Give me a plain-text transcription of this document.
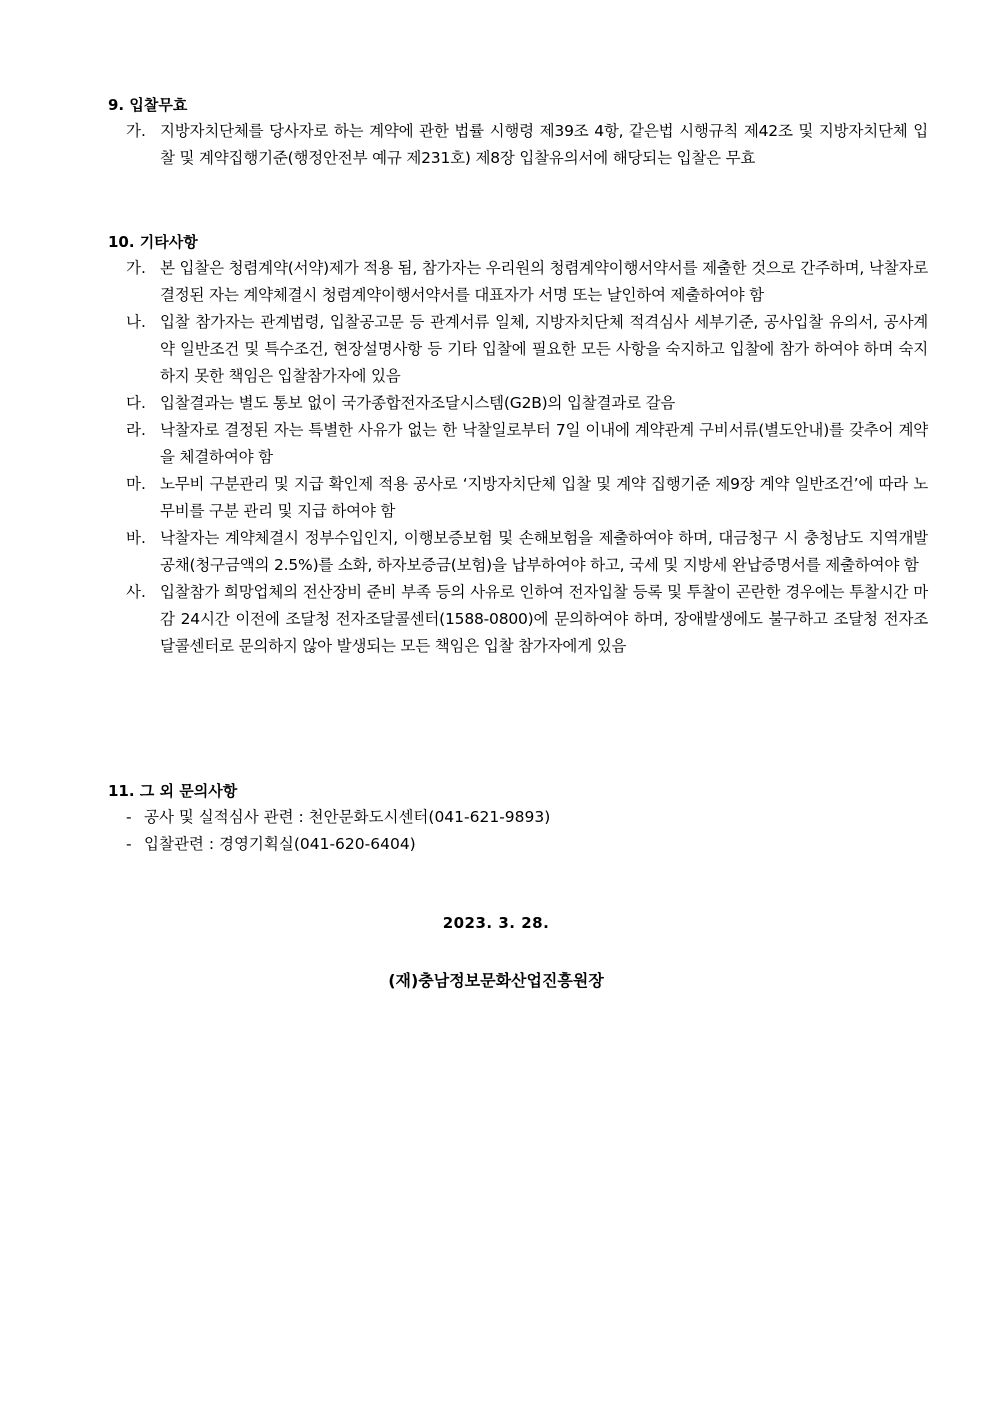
9. 입찰무효
가. 지방자치단체를 당사자로 하는 계약에 관한 법률 시행령 제39조 4항, 같은법 시행규칙 제42조 및 지방자치단체 입찰 및 계약집행기준(행정안전부 예규 제231호) 제8장 입찰유의서에 해당되는 입찰은 무효
10. 기타사항
가. 본 입찰은 청렴계약(서약)제가 적용 됨, 참가자는 우리원의 청렴계약이행서약서를 제출한 것으로 간주하며, 낙찰자로 결정된 자는 계약체결시 청렴계약이행서약서를 대표자가 서명 또는 날인하여 제출하여야 함
나. 입찰 참가자는 관계법령, 입찰공고문 등 관계서류 일체, 지방자치단체 적격심사 세부기준, 공사입찰 유의서, 공사계약 일반조건 및 특수조건, 현장설명사항 등 기타 입찰에 필요한 모든 사항을 숙지하고 입찰에 참가 하여야 하며 숙지하지 못한 책임은 입찰참가자에 있음
다. 입찰결과는 별도 통보 없이 국가종합전자조달시스템(G2B)의 입찰결과로 갈음
라. 낙찰자로 결정된 자는 특별한 사유가 없는 한 낙찰일로부터 7일 이내에 계약관계 구비서류(별도안내)를 갖추어 계약을 체결하여야 함
마. 노무비 구분관리 및 지급 확인제 적용 공사로 ‘지방자치단체 입찰 및 계약 집행기준 제9장 계약 일반조건’에 따라 노무비를 구분 관리 및 지급 하여야 함
바. 낙찰자는 계약체결시 정부수입인지, 이행보증보험 및 손해보험을 제출하여야 하며, 대금청구 시 충청남도 지역개발공채(청구금액의 2.5%)를 소화, 하자보증금(보험)을 납부하여야 하고, 국세 및 지방세 완납증명서를 제출하여야 함
사. 입찰참가 희망업체의 전산장비 준비 부족 등의 사유로 인하여 전자입찰 등록 및 투찰이 곤란한 경우에는 투찰시간 마감 24시간 이전에 조달청 전자조달콜센터(1588-0800)에 문의하여야 하며, 장애발생에도 불구하고 조달청 전자조달콜센터로 문의하지 않아 발생되는 모든 책임은 입찰 참가자에게 있음
11. 그 외 문의사항
- 공사 및 실적심사 관련 : 천안문화도시센터(041-621-9893)
- 입찰관련 : 경영기획실(041-620-6404)
2023. 3. 28.
(재)충남정보문화산업진흥원장
